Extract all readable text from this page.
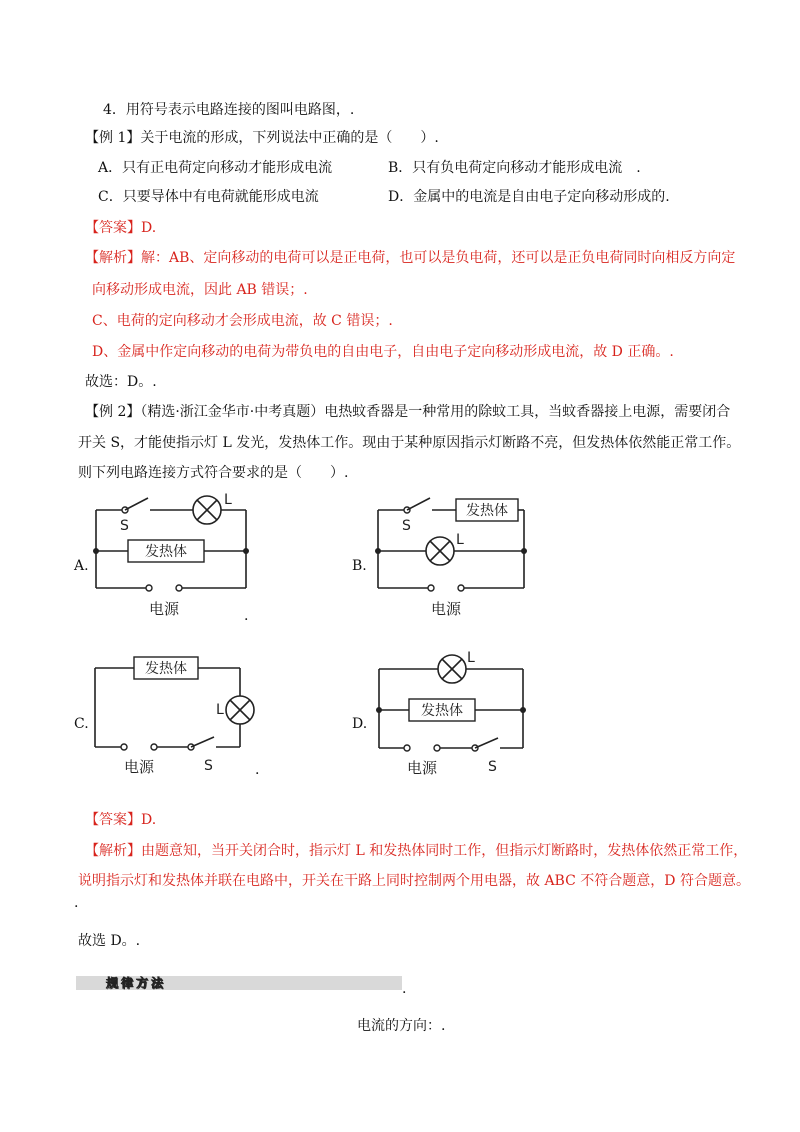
4．用符号表示电路连接的图叫电路图，.
【例 1】关于电流的形成，下列说法中正确的是（　　）.
A．只有正电荷定向移动才能形成电流	B．只有负电荷定向移动才能形成电流　.
C．只要导体中有电荷就能形成电流	D．金属中的电流是自由电子定向移动形成的.
【答案】D.
【解析】解：AB、定向移动的电荷可以是正电荷，也可以是负电荷，还可以是正负电荷同时向相反方向定
向移动形成电流，因此 AB 错误；.
C、电荷的定向移动才会形成电流，故 C 错误；.
D、金属中作定向移动的电荷为带负电的自由电子，自由电子定向移动形成电流，故 D 正确。.
故选：D。.
【例 2】（精选·浙江金华市·中考真题）电热蚊香器是一种常用的除蚊工具，当蚊香器接上电源，需要闭合
开关 S，才能使指示灯 L 发光，发热体工作。现由于某种原因指示灯断路不亮，但发热体依然能正常工作。
则下列电路连接方式符合要求的是（　　）.
A.
S
L
发热体
电源	.
B.
S
发热体
L
电源
C.
发热体
L
电源	S	.
D.
L
发热体
电源	S
【答案】D.
【解析】由题意知，当开关闭合时，指示灯 L 和发热体同时工作，但指示灯断路时，发热体依然正常工作，
说明指示灯和发热体并联在电路中，开关在干路上同时控制两个用电器，故 ABC 不符合题意，D 符合题意。
.
故选 D。.
规律方法	.
电流的方向：.
